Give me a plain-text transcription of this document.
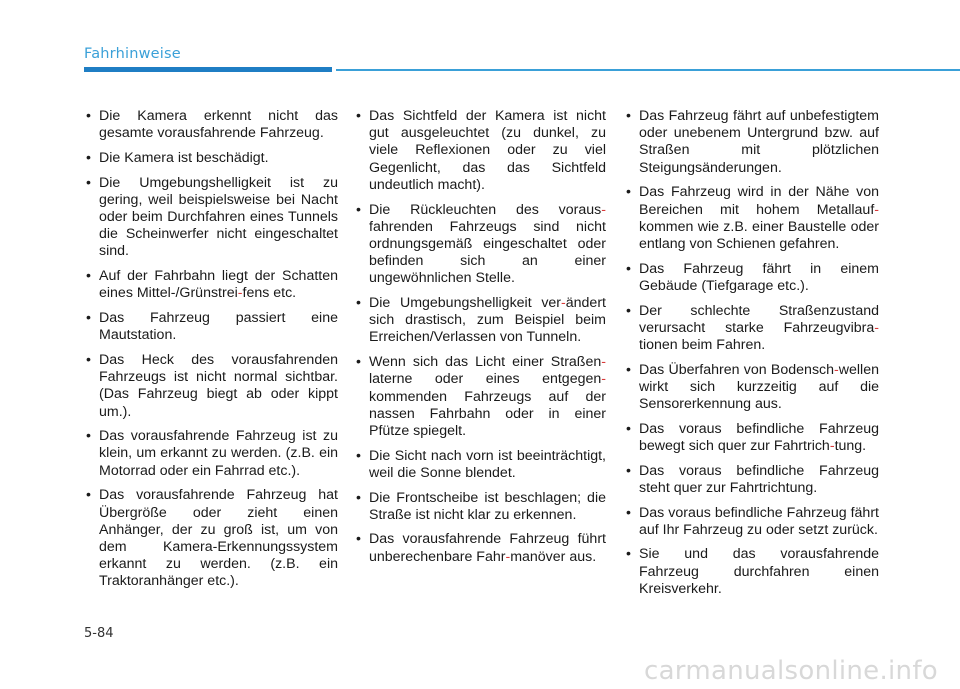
Fahrhinweise
• Die Kamera erkennt nicht das gesamte vorausfahrende Fahrzeug.
• Die Kamera ist beschädigt.
• Die Umgebungshelligkeit ist zu gering, weil beispielsweise bei Nacht oder beim Durchfahren eines Tunnels die Scheinwerfer nicht eingeschaltet sind.
• Auf der Fahrbahn liegt der Schatten eines Mittel-/Grünstrei-fens etc.
• Das Fahrzeug passiert eine Mautstation.
• Das Heck des vorausfahrenden Fahrzeugs ist nicht normal sichtbar. (Das Fahrzeug biegt ab oder kippt um.).
• Das vorausfahrende Fahrzeug ist zu klein, um erkannt zu werden. (z.B. ein Motorrad oder ein Fahrrad etc.).
• Das vorausfahrende Fahrzeug hat Übergröße oder zieht einen Anhänger, der zu groß ist, um von dem Kamera-Erkennungssystem erkannt zu werden. (z.B. ein Traktoranhänger etc.).
• Das Sichtfeld der Kamera ist nicht gut ausgeleuchtet (zu dunkel, zu viele Reflexionen oder zu viel Gegenlicht, das das Sichtfeld undeutlich macht).
• Die Rückleuchten des voraus-fahrenden Fahrzeugs sind nicht ordnungsgemäß eingeschaltet oder befinden sich an einer ungewöhnlichen Stelle.
• Die Umgebungshelligkeit ver-ändert sich drastisch, zum Beispiel beim Erreichen/Verlassen von Tunneln.
• Wenn sich das Licht einer Straßen-laterne oder eines entgegen-kommenden Fahrzeugs auf der nassen Fahrbahn oder in einer Pfütze spiegelt.
• Die Sicht nach vorn ist beeinträchtigt, weil die Sonne blendet.
• Die Frontscheibe ist beschlagen; die Straße ist nicht klar zu erkennen.
• Das vorausfahrende Fahrzeug führt unberechenbare Fahr-manöver aus.
• Das Fahrzeug fährt auf unbefestigtem oder unebenem Untergrund bzw. auf Straßen mit plötzlichen Steigungsänderungen.
• Das Fahrzeug wird in der Nähe von Bereichen mit hohem Metallauf-kommen wie z.B. einer Baustelle oder entlang von Schienen gefahren.
• Das Fahrzeug fährt in einem Gebäude (Tiefgarage etc.).
• Der schlechte Straßenzustand verursacht starke Fahrzeugvibra-tionen beim Fahren.
• Das Überfahren von Bodensch-wellen wirkt sich kurzzeitig auf die Sensorerkennung aus.
• Das voraus befindliche Fahrzeug bewegt sich quer zur Fahrtrich-tung.
• Das voraus befindliche Fahrzeug steht quer zur Fahrtrichtung.
• Das voraus befindliche Fahrzeug fährt auf Ihr Fahrzeug zu oder setzt zurück.
• Sie und das vorausfahrende Fahrzeug durchfahren einen Kreisverkehr.
5-84
carmanualsonline.info
